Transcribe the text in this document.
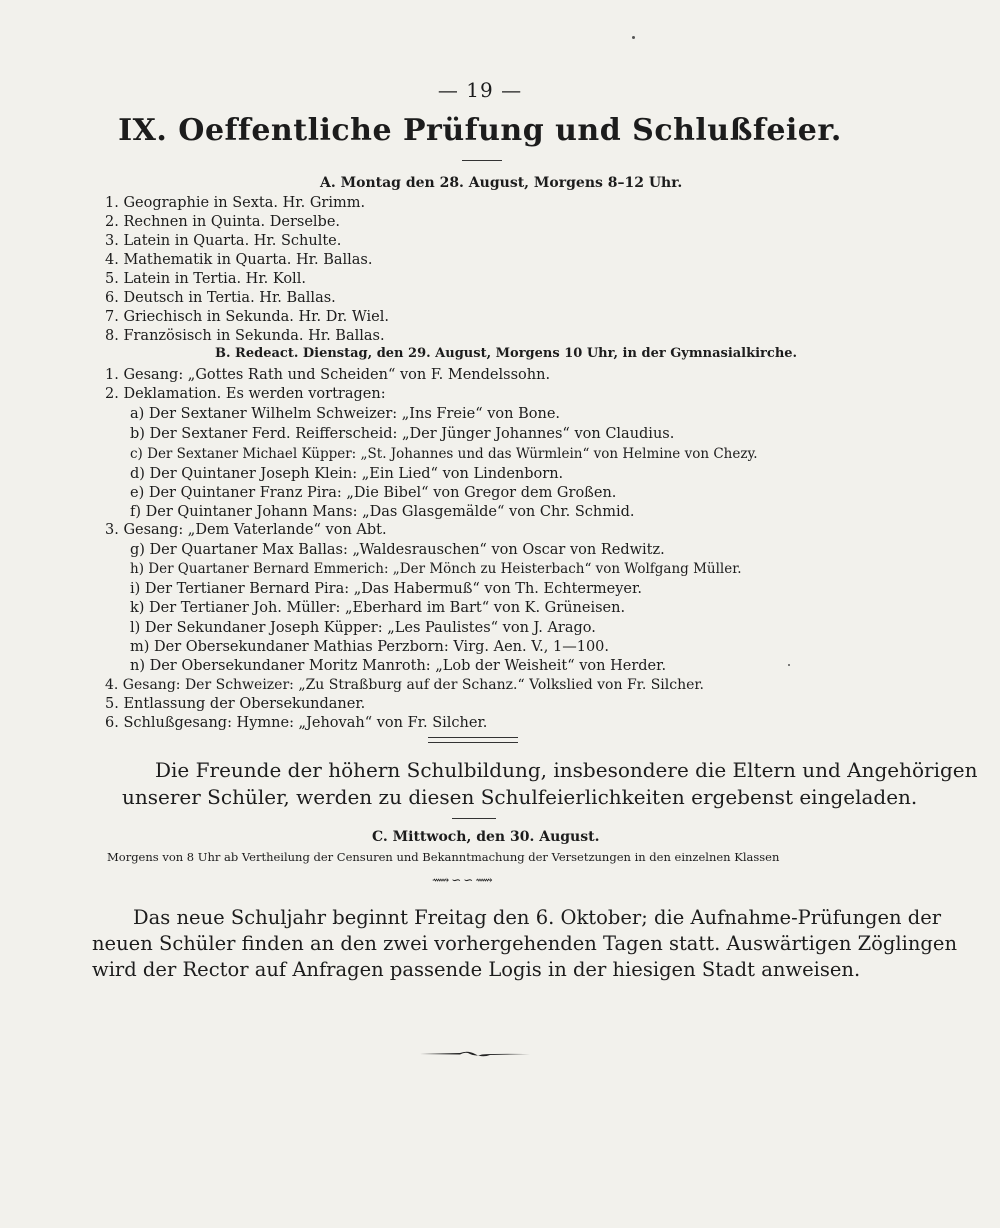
— 19 —
IX. Oeffentliche Prüfung und Schlußfeier.
A. Montag den 28. August, Morgens 8–12 Uhr.
1. Geographie in Sexta. Hr. Grimm.
2. Rechnen in Quinta. Derselbe.
3. Latein in Quarta. Hr. Schulte.
4. Mathematik in Quarta. Hr. Ballas.
5. Latein in Tertia. Hr. Koll.
6. Deutsch in Tertia. Hr. Ballas.
7. Griechisch in Sekunda. Hr. Dr. Wiel.
8. Französisch in Sekunda. Hr. Ballas.
B. Redeact. Dienstag, den 29. August, Morgens 10 Uhr, in der Gymnasialkirche.
1. Gesang: „Gottes Rath und Scheiden“ von F. Mendelssohn.
2. Deklamation. Es werden vortragen:
a) Der Sextaner Wilhelm Schweizer: „Ins Freie“ von Bone.
b) Der Sextaner Ferd. Reifferscheid: „Der Jünger Johannes“ von Claudius.
c) Der Sextaner Michael Küpper: „St. Johannes und das Würmlein“ von Helmine von Chezy.
d) Der Quintaner Joseph Klein: „Ein Lied“ von Lindenborn.
e) Der Quintaner Franz Pira: „Die Bibel“ von Gregor dem Großen.
f) Der Quintaner Johann Mans: „Das Glasgemälde“ von Chr. Schmid.
3. Gesang: „Dem Vaterlande“ von Abt.
g) Der Quartaner Max Ballas: „Waldesrauschen“ von Oscar von Redwitz.
h) Der Quartaner Bernard Emmerich: „Der Mönch zu Heisterbach“ von Wolfgang Müller.
i) Der Tertianer Bernard Pira: „Das Habermuß“ von Th. Echtermeyer.
k) Der Tertianer Joh. Müller: „Eberhard im Bart“ von K. Grüneisen.
l) Der Sekundaner Joseph Küpper: „Les Paulistes“ von J. Arago.
m) Der Obersekundaner Mathias Perzborn: Virg. Aen. V., 1—100.
n) Der Obersekundaner Moritz Manroth: „Lob der Weisheit“ von Herder.
4. Gesang: Der Schweizer: „Zu Straßburg auf der Schanz.“ Volkslied von Fr. Silcher.
5. Entlassung der Obersekundaner.
6. Schlußgesang: Hymne: „Jehovah“ von Fr. Silcher.
Die Freunde der höhern Schulbildung, insbesondere die Eltern und Angehörigen
unserer Schüler, werden zu diesen Schulfeierlichkeiten ergebenst eingeladen.
C. Mittwoch, den 30. August.
Morgens von 8 Uhr ab Vertheilung der Censuren und Bekanntmachung der Versetzungen in den einzelnen Klassen
⟿∽∽⟿
Das neue Schuljahr beginnt Freitag den 6. Oktober; die Aufnahme-Prüfungen der
neuen Schüler finden an den zwei vorhergehenden Tagen statt. Auswärtigen Zöglingen
wird der Rector auf Anfragen passende Logis in der hiesigen Stadt anweisen.
